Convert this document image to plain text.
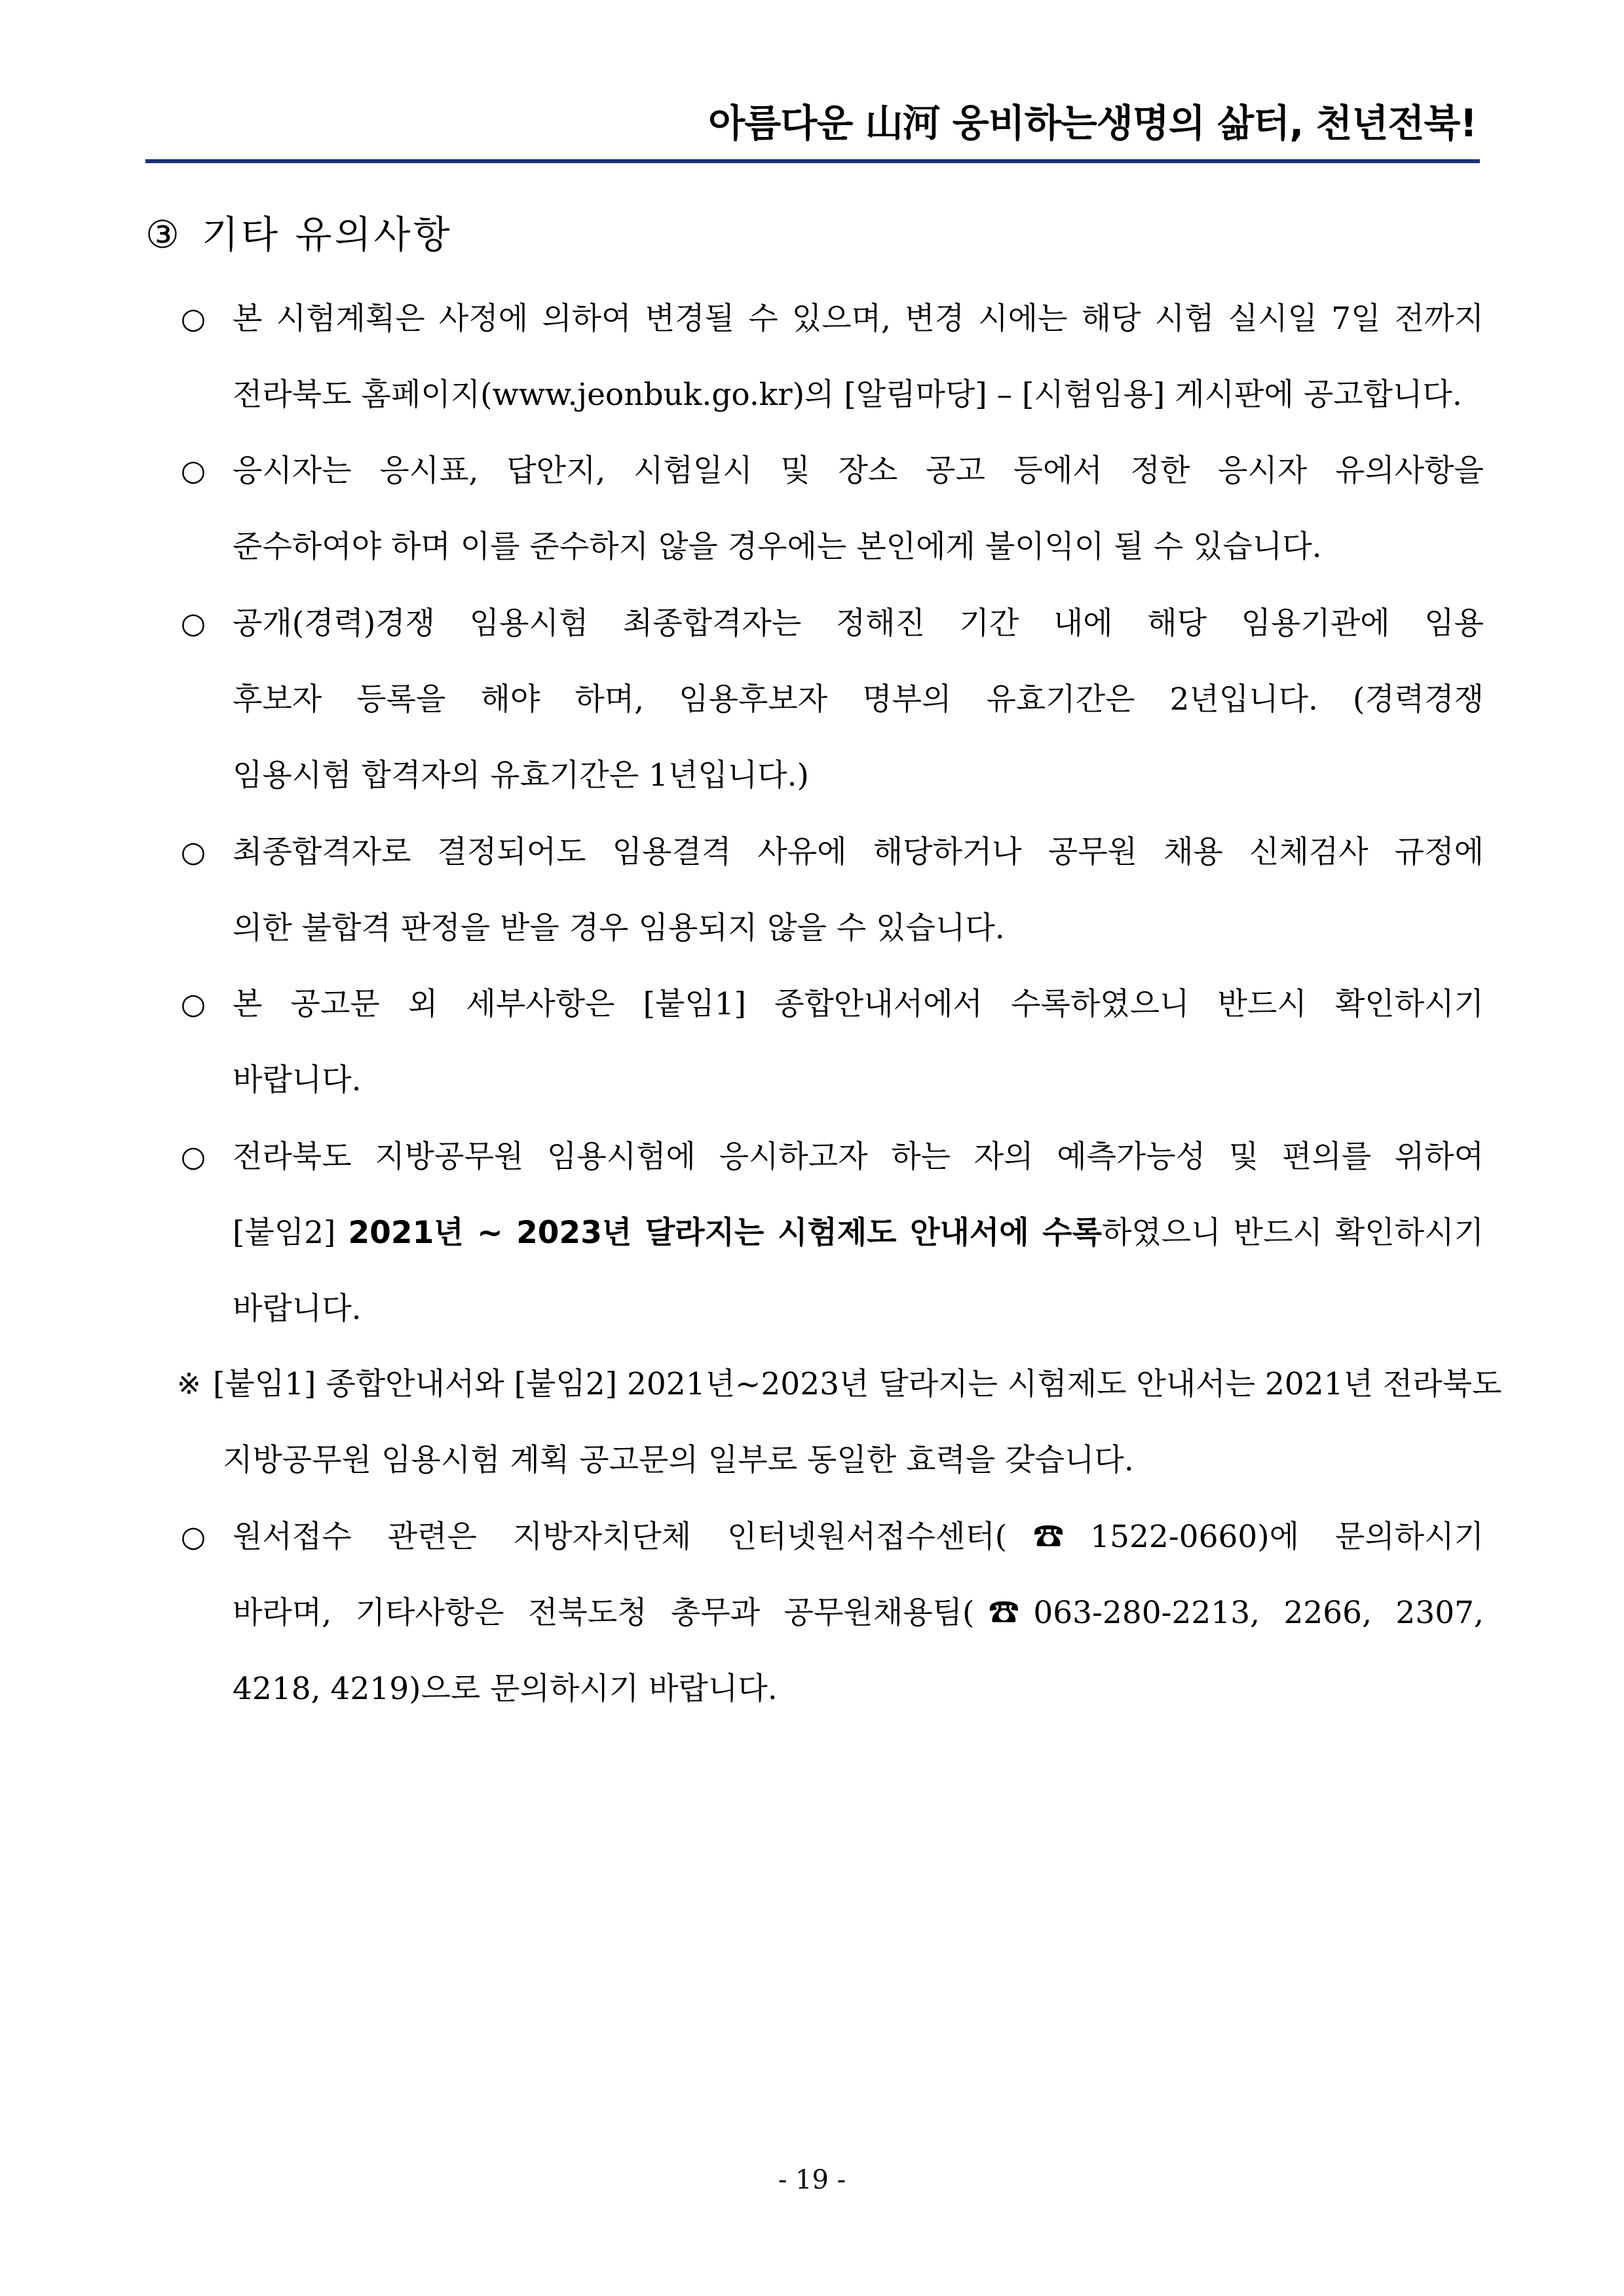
아름다운 山河 웅비하는생명의 삶터, 천년전북!
③ 기타 유의사항
○ 본 시험계획은 사정에 의하여 변경될 수 있으며, 변경 시에는 해당 시험 실시일 7일 전까지
전라북도 홈페이지(www.jeonbuk.go.kr)의 [알림마당] – [시험임용] 게시판에 공고합니다.
○ 응시자는 응시표, 답안지, 시험일시 및 장소 공고 등에서 정한 응시자 유의사항을
준수하여야 하며 이를 준수하지 않을 경우에는 본인에게 불이익이 될 수 있습니다.
○ 공개(경력)경쟁 임용시험 최종합격자는 정해진 기간 내에 해당 임용기관에 임용
후보자 등록을 해야 하며, 임용후보자 명부의 유효기간은 2년입니다. (경력경쟁
임용시험 합격자의 유효기간은 1년입니다.)
○ 최종합격자로 결정되어도 임용결격 사유에 해당하거나 공무원 채용 신체검사 규정에
의한 불합격 판정을 받을 경우 임용되지 않을 수 있습니다.
○ 본 공고문 외 세부사항은 [붙임1] 종합안내서에서 수록하였으니 반드시 확인하시기
바랍니다.
○ 전라북도 지방공무원 임용시험에 응시하고자 하는 자의 예측가능성 및 편의를 위하여
[붙임2] 2021년 ~ 2023년 달라지는 시험제도 안내서에 수록하였으니 반드시 확인하시기
바랍니다.
※ [붙임1] 종합안내서와 [붙임2] 2021년~2023년 달라지는 시험제도 안내서는 2021년 전라북도
지방공무원 임용시험 계획 공고문의 일부로 동일한 효력을 갖습니다.
○ 원서접수 관련은 지방자치단체 인터넷원서접수센터(☎1522-0660)에 문의하시기
바라며, 기타사항은 전북도청 총무과 공무원채용팀(☎063-280-2213, 2266, 2307,
4218, 4219)으로 문의하시기 바랍니다.
- 19 -
